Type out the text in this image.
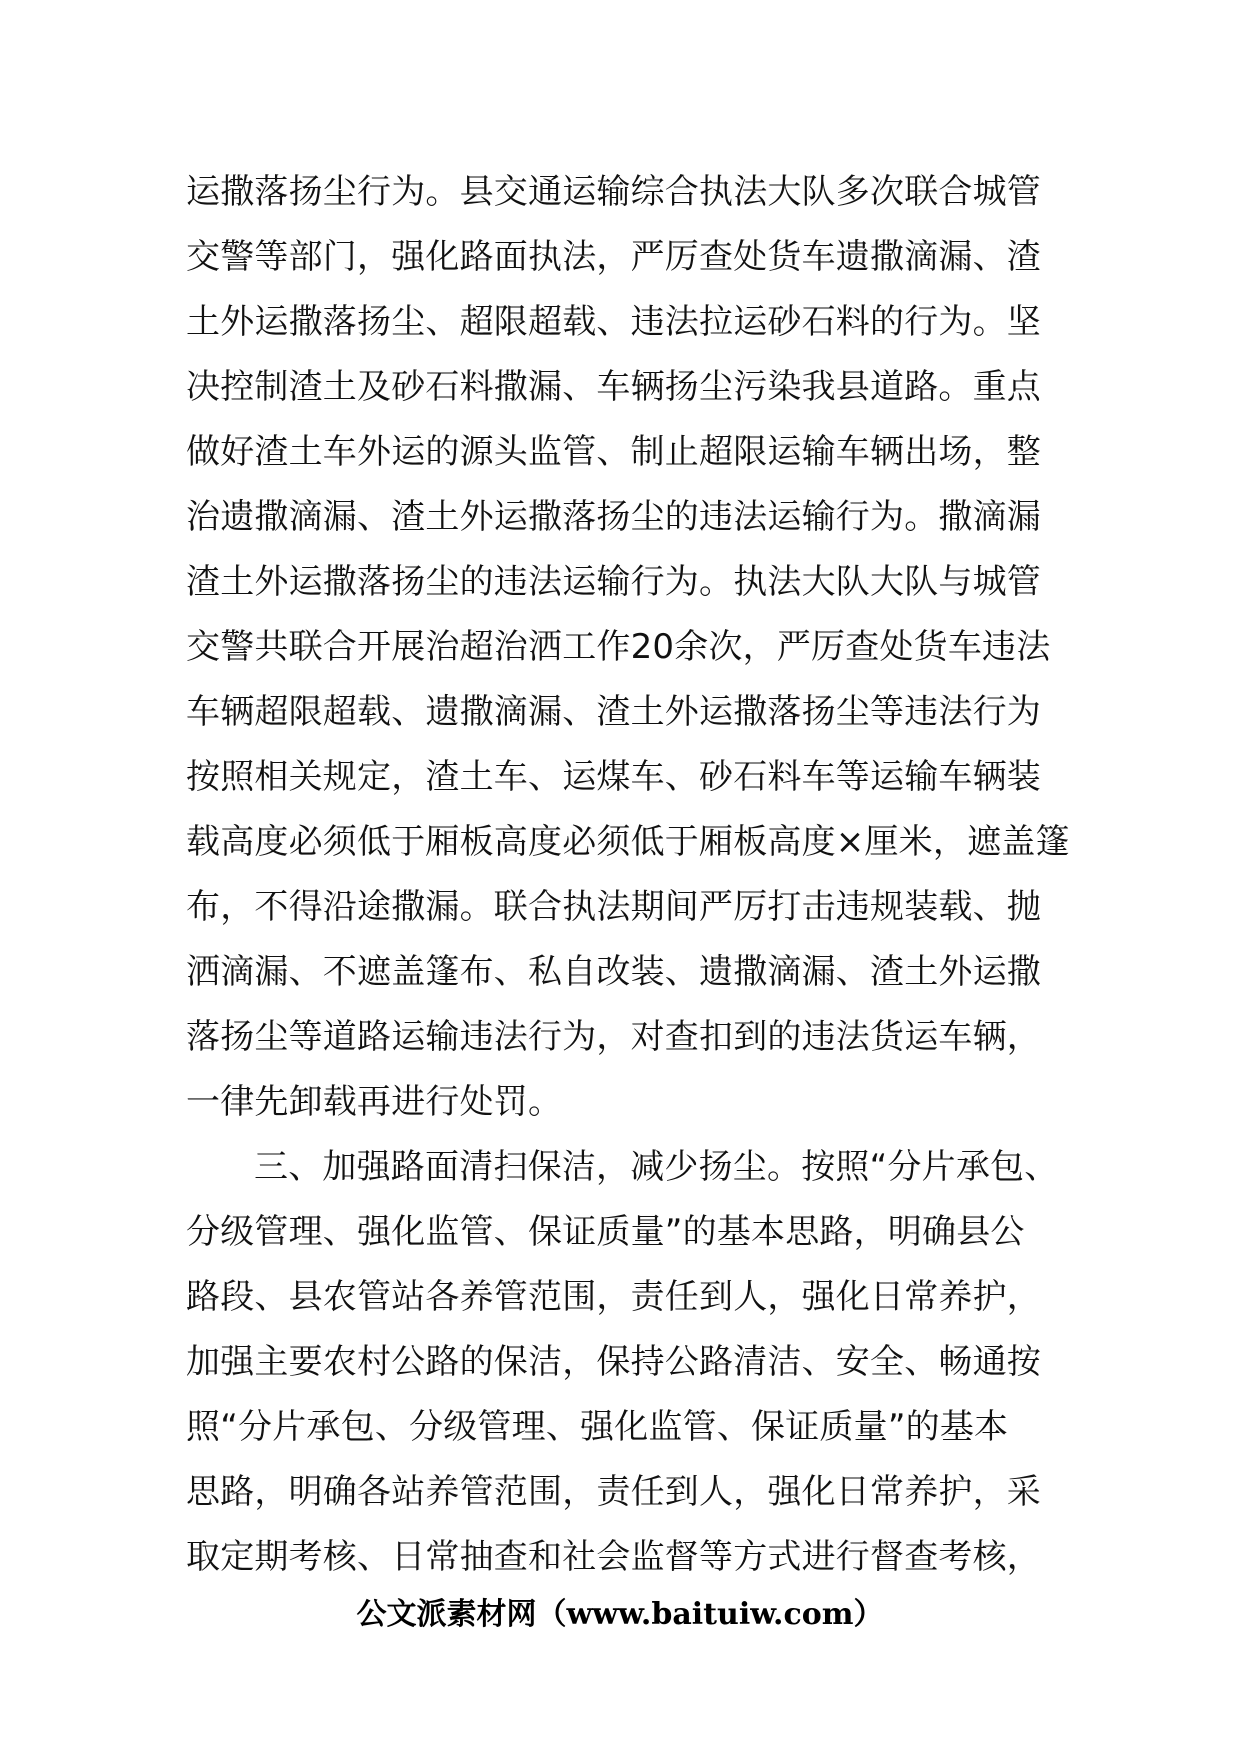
运撒落扬尘行为。县交通运输综合执法大队多次联合城管
交警等部门，强化路面执法，严厉查处货车遗撒滴漏、渣
土外运撒落扬尘、超限超载、违法拉运砂石料的行为。坚
决控制渣土及砂石料撒漏、车辆扬尘污染我县道路。重点
做好渣土车外运的源头监管、制止超限运输车辆出场，整
治遗撒滴漏、渣土外运撒落扬尘的违法运输行为。撒滴漏
渣土外运撒落扬尘的违法运输行为。执法大队大队与城管
交警共联合开展治超治洒工作20余次，严厉查处货车违法
车辆超限超载、遗撒滴漏、渣土外运撒落扬尘等违法行为
按照相关规定，渣土车、运煤车、砂石料车等运输车辆装
载高度必须低于厢板高度必须低于厢板高度×厘米，遮盖篷
布，不得沿途撒漏。联合执法期间严厉打击违规装载、抛
洒滴漏、不遮盖篷布、私自改装、遗撒滴漏、渣土外运撒
落扬尘等道路运输违法行为，对查扣到的违法货运车辆，
一律先卸载再进行处罚。
三、加强路面清扫保洁，减少扬尘。按照“分片承包、
分级管理、强化监管、保证质量”的基本思路，明确县公
路段、县农管站各养管范围，责任到人，强化日常养护，
加强主要农村公路的保洁，保持公路清洁、安全、畅通按
照“分片承包、分级管理、强化监管、保证质量”的基本
思路，明确各站养管范围，责任到人，强化日常养护，采
取定期考核、日常抽查和社会监督等方式进行督查考核，
公文派素材网（www.baituiw.com）
